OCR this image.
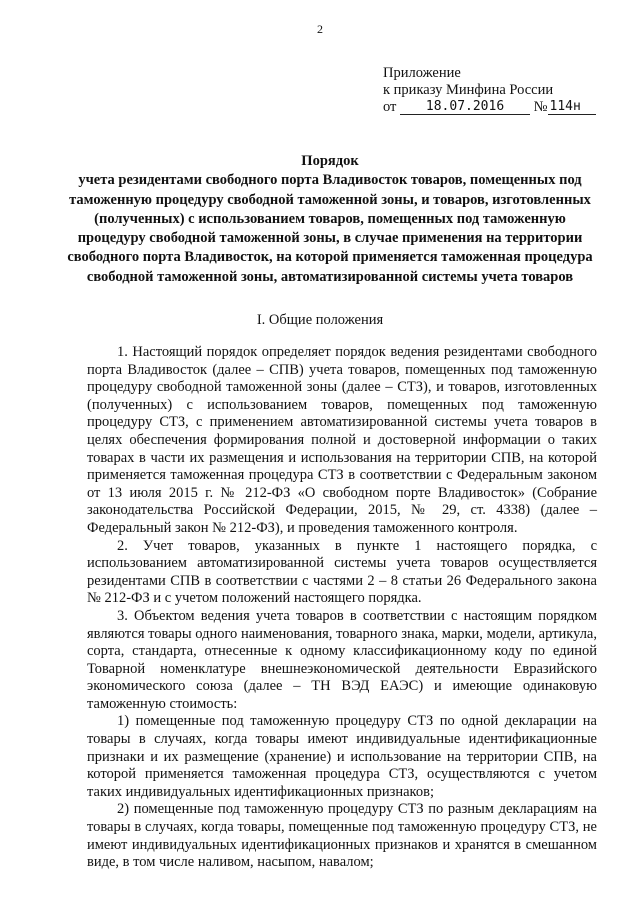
2
Приложение
к приказу Минфина России
от 18.07.2016 № 114н
Порядок
учета резидентами свободного порта Владивосток товаров, помещенных под таможенную процедуру свободной таможенной зоны, и товаров, изготовленных (полученных) с использованием товаров, помещенных под таможенную процедуру свободной таможенной зоны, в случае применения на территории свободного порта Владивосток, на которой применяется таможенная процедура свободной таможенной зоны, автоматизированной системы учета товаров
I. Общие положения

1. Настоящий порядок определяет порядок ведения резидентами свободного порта Владивосток (далее – СПВ) учета товаров, помещенных под таможенную процедуру свободной таможенной зоны (далее – СТЗ), и товаров, изготовленных (полученных) с использованием товаров, помещенных под таможенную процедуру СТЗ, с применением автоматизированной системы учета товаров в целях обеспечения формирования полной и достоверной информации о таких товарах в части их размещения и использования на территории СПВ, на которой применяется таможенная процедура СТЗ в соответствии с Федеральным законом от 13 июля 2015 г. № 212-ФЗ «О свободном порте Владивосток» (Собрание законодательства Российской Федерации, 2015, № 29, ст. 4338) (далее – Федеральный закон № 212-ФЗ), и проведения таможенного контроля.

2. Учет товаров, указанных в пункте 1 настоящего порядка, с использованием автоматизированной системы учета товаров осуществляется резидентами СПВ в соответствии с частями 2 – 8 статьи 26 Федерального закона № 212-ФЗ и с учетом положений настоящего порядка.

3. Объектом ведения учета товаров в соответствии с настоящим порядком являются товары одного наименования, товарного знака, марки, модели, артикула, сорта, стандарта, отнесенные к одному классификационному коду по единой Товарной номенклатуре внешнеэкономической деятельности Евразийского экономического союза (далее – ТН ВЭД ЕАЭС) и имеющие одинаковую таможенную стоимость:

1) помещенные под таможенную процедуру СТЗ по одной декларации на товары в случаях, когда товары имеют индивидуальные идентификационные признаки и их размещение (хранение) и использование на территории СПВ, на которой применяется таможенная процедура СТЗ, осуществляются с учетом таких индивидуальных идентификационных признаков;

2) помещенные под таможенную процедуру СТЗ по разным декларациям на товары в случаях, когда товары, помещенные под таможенную процедуру СТЗ, не имеют индивидуальных идентификационных признаков и хранятся в смешанном виде, в том числе наливом, насыпом, навалом;
